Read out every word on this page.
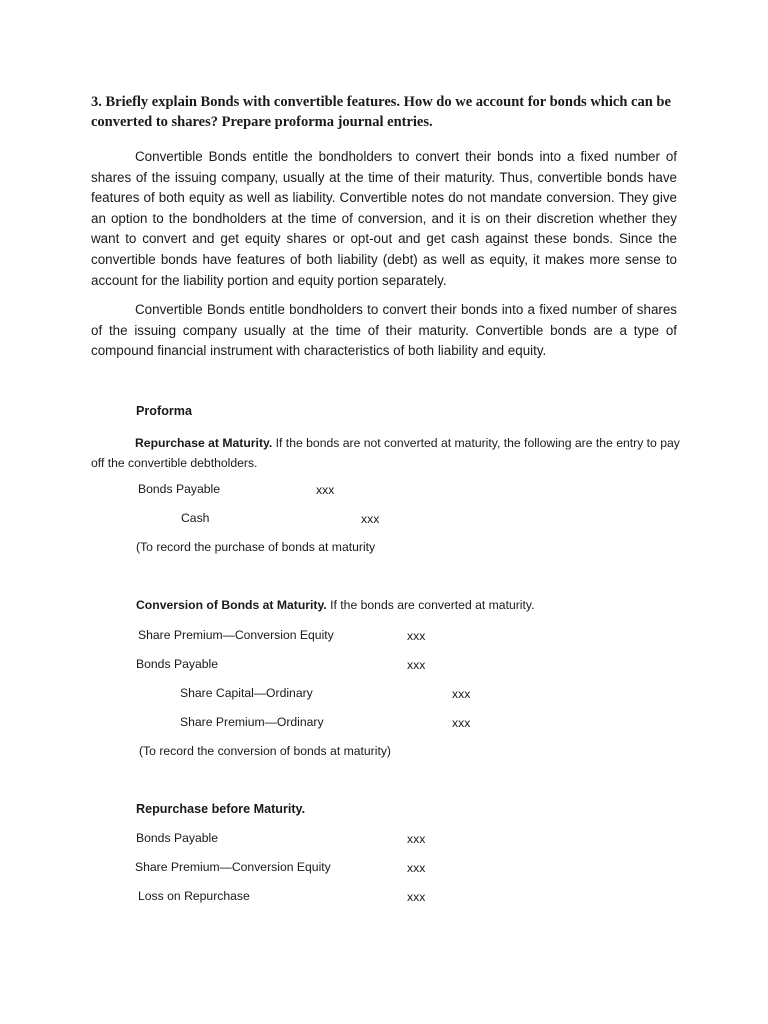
3. Briefly explain Bonds with convertible features. How do we account for bonds which can be converted to shares? Prepare proforma journal entries.

Convertible Bonds entitle the bondholders to convert their bonds into a fixed number of shares of the issuing company, usually at the time of their maturity. Thus, convertible bonds have features of both equity as well as liability. Convertible notes do not mandate conversion. They give an option to the bondholders at the time of conversion, and it is on their discretion whether they want to convert and get equity shares or opt-out and get cash against these bonds. Since the convertible bonds have features of both liability (debt) as well as equity, it makes more sense to account for the liability portion and equity portion separately.

Convertible Bonds entitle bondholders to convert their bonds into a fixed number of shares of the issuing company usually at the time of their maturity. Convertible bonds are a type of compound financial instrument with characteristics of both liability and equity.

Proforma

Repurchase at Maturity. If the bonds are not converted at maturity, the following are the entry to pay off the convertible debtholders.

Bonds Payable	xxx

Cash	xxx

(To record the purchase of bonds at maturity

Conversion of Bonds at Maturity. If the bonds are converted at maturity.

Share Premium—Conversion Equity	xxx

Bonds Payable	xxx

Share Capital—Ordinary	xxx

Share Premium—Ordinary	xxx

(To record the conversion of bonds at maturity)

Repurchase before Maturity.

Bonds Payable	xxx

Share Premium—Conversion Equity	xxx

Loss on Repurchase	xxx
